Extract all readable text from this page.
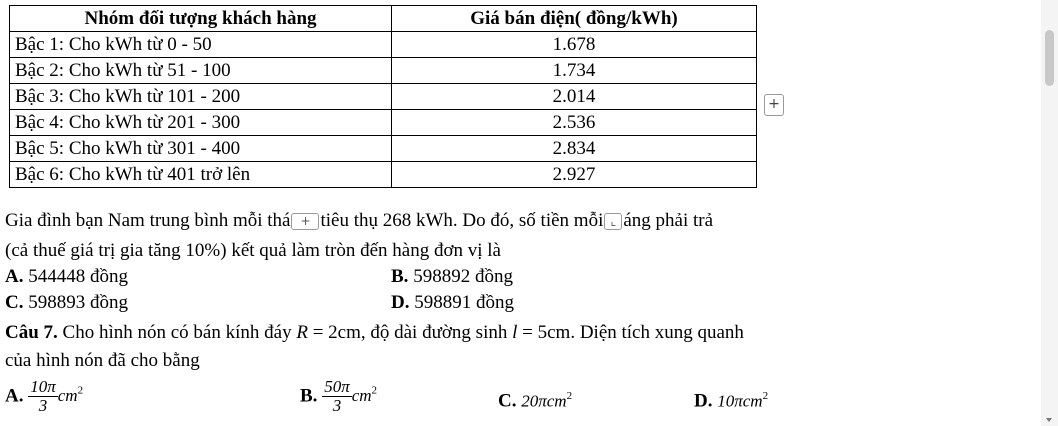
Nhóm đối tượng khách hàng	Giá bán điện( đồng/kWh)
Bậc 1: Cho kWh từ 0 - 50	1.678
Bậc 2: Cho kWh từ 51 - 100	1.734
Bậc 3: Cho kWh từ 101 - 200	2.014
Bậc 4: Cho kWh từ 201 - 300	2.536
Bậc 5: Cho kWh từ 301 - 400	2.834
Bậc 6: Cho kWh từ 401 trở lên	2.927
+
Gia đình bạn Nam trung bình mỗi thá + tiêu thụ 268 kWh. Do đó, số tiền mỗi ⌞ áng phải trả
(cả thuế giá trị gia tăng 10%) kết quả làm tròn đến hàng đơn vị là
A. 544448 đồng	B. 598892 đồng
C. 598893 đồng	D. 598891 đồng
Câu 7. Cho hình nón có bán kính đáy R = 2cm, độ dài đường sinh l = 5cm. Diện tích xung quanh
của hình nón đã cho bằng
A. $\frac{10\pi}{3} cm^2$	B. $\frac{50\pi}{3} cm^2$	C. 20πcm$^2$	D. 10πcm$^2$
